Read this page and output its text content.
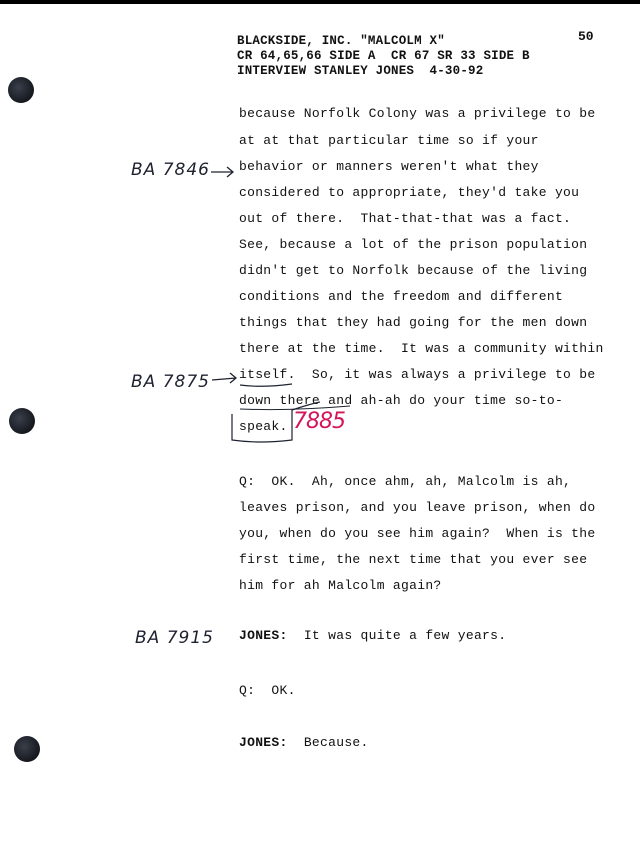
BLACKSIDE, INC. "MALCOLM X"
CR 64,65,66 SIDE A  CR 67 SR 33 SIDE B
INTERVIEW STANLEY JONES  4-30-92
50
because Norfolk Colony was a privilege to be
at at that particular time so if your
behavior or manners weren't what they
considered to appropriate, they'd take you
out of there.  That-that-that was a fact.
See, because a lot of the prison population
didn't get to Norfolk because of the living
conditions and the freedom and different
things that they had going for the men down
there at the time.  It was a community within
itself.  So, it was always a privilege to be
down there and ah-ah do your time so-to-
speak.
Q:  OK.  Ah, once ahm, ah, Malcolm is ah,
leaves prison, and you leave prison, when do
you, when do you see him again?  When is the
first time, the next time that you ever see
him for ah Malcolm again?
JONES: It was quite a few years.
Q:  OK.
JONES: Because.
BA 7846
BA 7875
BA 7915
7885
